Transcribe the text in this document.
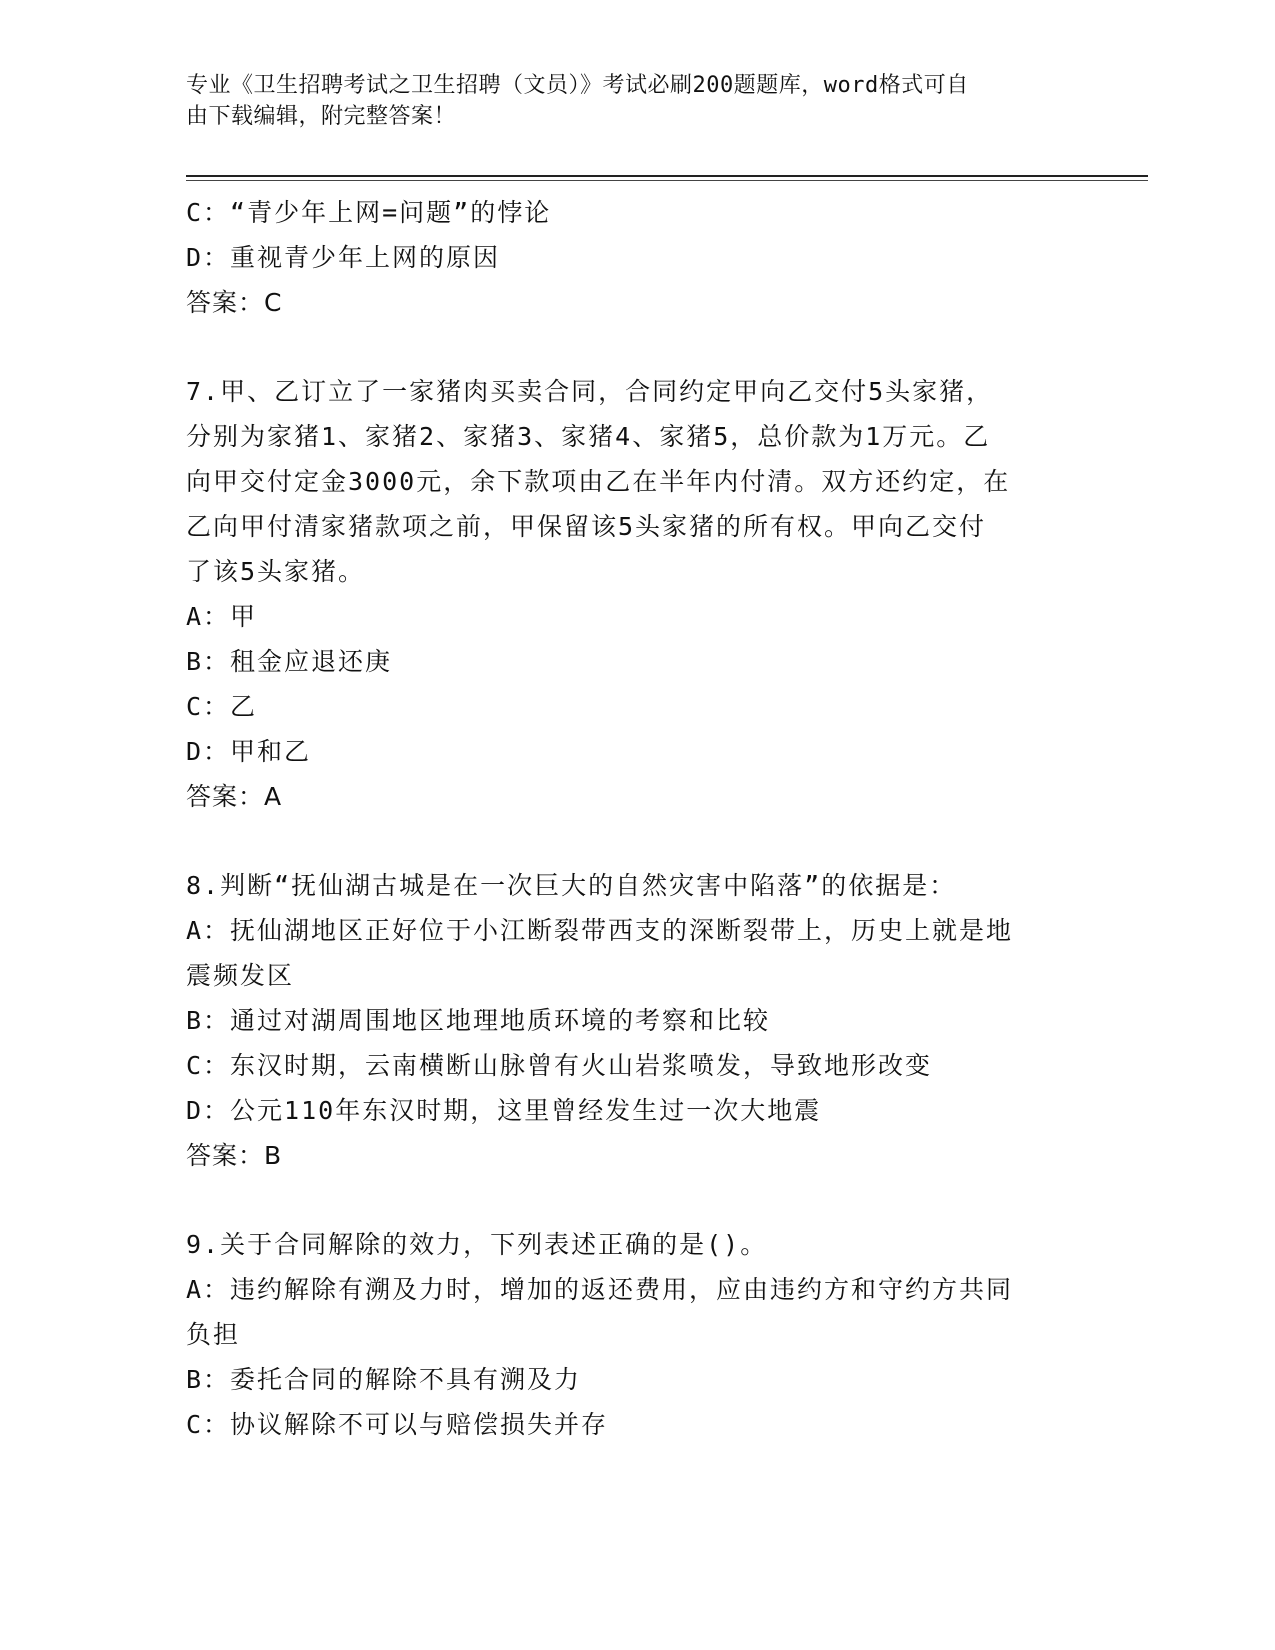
专业《卫生招聘考试之卫生招聘（文员）》考试必刷200题题库，word格式可自
由下载编辑，附完整答案！
C：“青少年上网=问题”的悖论
D：重视青少年上网的原因
答案：C
7.甲、乙订立了一家猪肉买卖合同，合同约定甲向乙交付5头家猪，
分别为家猪1、家猪2、家猪3、家猪4、家猪5，总价款为1万元。乙
向甲交付定金3000元，余下款项由乙在半年内付清。双方还约定，在
乙向甲付清家猪款项之前，甲保留该5头家猪的所有权。甲向乙交付
了该5头家猪。
A：甲
B：租金应退还庚
C：乙
D：甲和乙
答案：A
8.判断“抚仙湖古城是在一次巨大的自然灾害中陷落”的依据是：
A：抚仙湖地区正好位于小江断裂带西支的深断裂带上，历史上就是地
震频发区
B：通过对湖周围地区地理地质环境的考察和比较
C：东汉时期，云南横断山脉曾有火山岩浆喷发，导致地形改变
D：公元110年东汉时期，这里曾经发生过一次大地震
答案：B
9.关于合同解除的效力，下列表述正确的是()。
A：违约解除有溯及力时，增加的返还费用，应由违约方和守约方共同
负担
B：委托合同的解除不具有溯及力
C：协议解除不可以与赔偿损失并存
